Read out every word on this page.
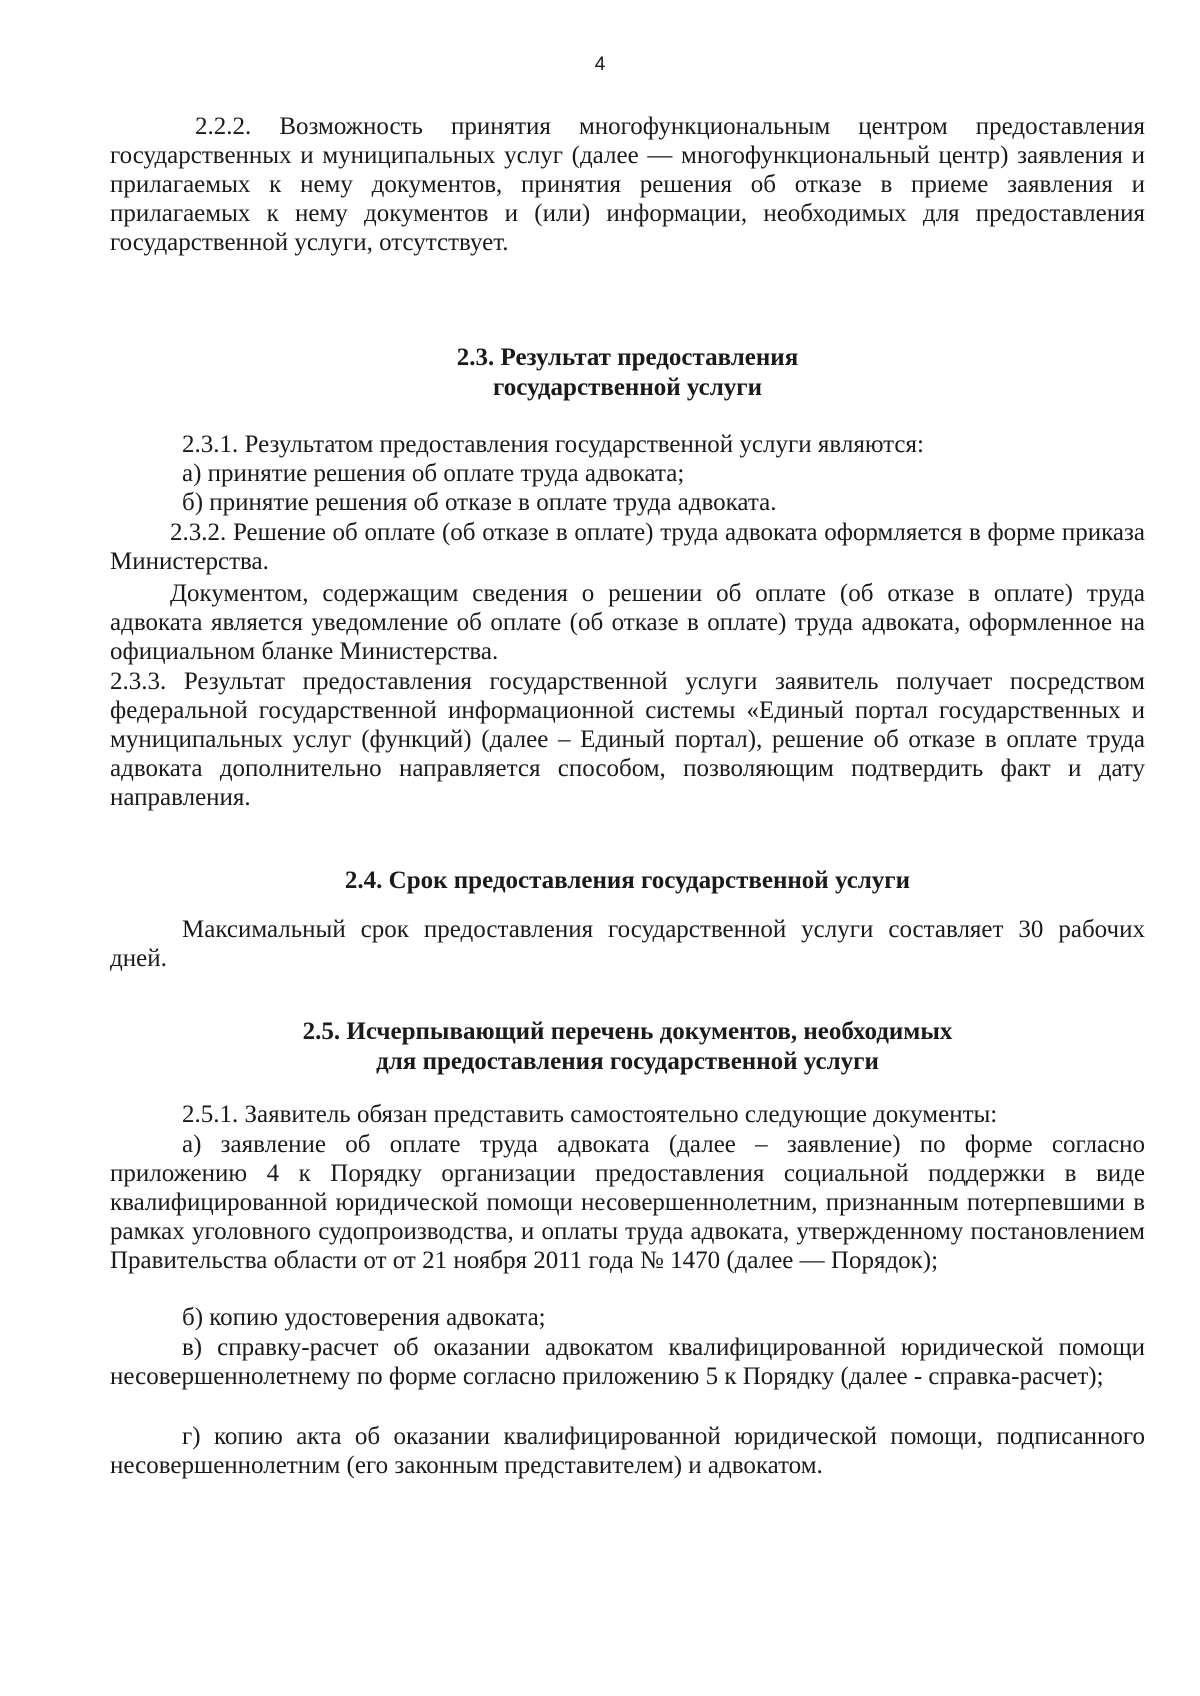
4

2.2.2. Возможность принятия многофункциональным центром предоставления государственных и муниципальных услуг (далее — многофункциональный центр) заявления и прилагаемых к нему документов, принятия решения об отказе в приеме заявления и прилагаемых к нему документов и (или) информации, необходимых для предоставления государственной услуги, отсутствует.

2.3. Результат предоставления
государственной услуги

2.3.1. Результатом предоставления государственной услуги являются:

а) принятие решения об оплате труда адвоката;

б) принятие решения об отказе в оплате труда адвоката.

2.3.2. Решение об оплате (об отказе в оплате) труда адвоката оформляется в форме приказа Министерства.

Документом, содержащим сведения о решении об оплате (об отказе в оплате) труда адвоката является уведомление об оплате (об отказе в оплате) труда адвоката, оформленное на официальном бланке Министерства.

2.3.3. Результат предоставления государственной услуги заявитель получает посредством федеральной государственной информационной системы «Единый портал государственных и муниципальных услуг (функций) (далее – Единый портал), решение об отказе в оплате труда адвоката дополнительно направляется способом, позволяющим подтвердить факт и дату направления.

2.4. Срок предоставления государственной услуги

Максимальный срок предоставления государственной услуги составляет 30 рабочих дней.

2.5. Исчерпывающий перечень документов, необходимых
для предоставления государственной услуги

2.5.1. Заявитель обязан представить самостоятельно следующие документы:

а) заявление об оплате труда адвоката (далее – заявление) по форме согласно приложению 4 к Порядку организации предоставления социальной поддержки в виде квалифицированной юридической помощи несовершеннолетним, признанным потерпевшими в рамках уголовного судопроизводства, и оплаты труда адвоката, утвержденному постановлением Правительства области от от 21 ноября 2011 года № 1470 (далее — Порядок);

б) копию удостоверения адвоката;

в) справку-расчет об оказании адвокатом квалифицированной юридической помощи несовершеннолетнему по форме согласно приложению 5 к Порядку (далее - справка-расчет);

г) копию акта об оказании квалифицированной юридической помощи, подписанного несовершеннолетним (его законным представителем) и адвокатом.
